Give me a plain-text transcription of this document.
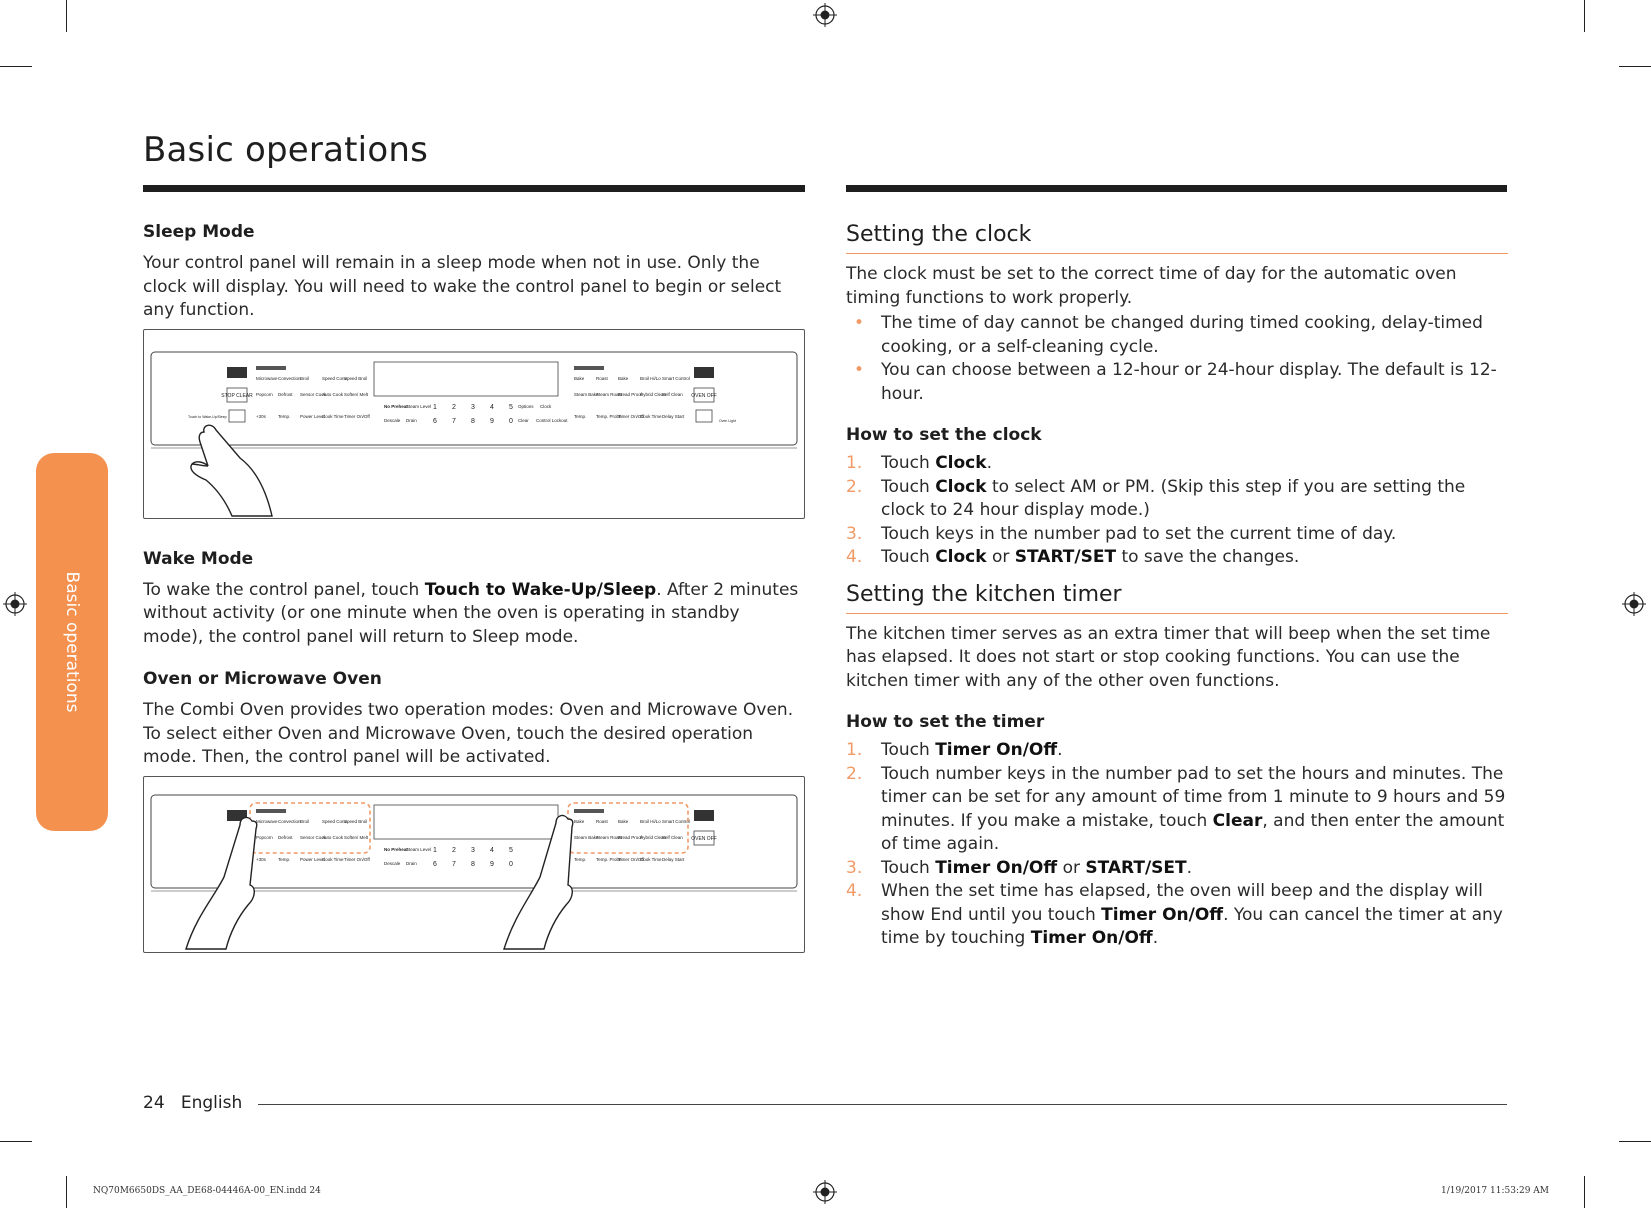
Basic operations
Basic operations
Sleep Mode

Your control panel will remain in a sleep mode when not in use. Only the clock will display. You will need to wake the control panel to begin or select any function.

STOP CLEAR
Microwave Convection Broil	Speed Conv.
Speed Broil
Popcorn Defrost Sensor Cook
Auto Cook Soften/ Melt
+30s	Temp. Power Level
Cook Time Timer On/Off
No Preheat
Steam Level
Descale Drain
Options Clock
Clear Control Lockout
Bake	Roast Bake	Broil Hi/Lo Smart Control
Steam Bake
Steam Roast
Bread Proof
Hybrid Clean
Self Clean
Temp. Temp. Probe
Timer On/Off
Cook Time Delay Start
Touch to Wake-Up/Sleep
Oven Light
1 2 3 4 5
6 7 8 9 0
OVEN OFF
Wake Mode

To wake the control panel, touch Touch to Wake-Up/Sleep. After 2 minutes without activity (or one minute when the oven is operating in standby mode), the control panel will return to Sleep mode.

Oven or Microwave Oven

The Combi Oven provides two operation modes: Oven and Microwave Oven. To select either Oven and Microwave Oven, touch the desired operation mode. Then, the control panel will be activated.

Microwave Convection Broil	Speed Conv.
Speed Broil
Popcorn Defrost Sensor Cook
Auto Cook Soften/ Melt
+30s	Temp. Power Level
Cook Time Timer On/Off
No Preheat
Steam Level
Descale Drain
Bake	Roast Bake	Broil Hi/Lo Smart Control
Steam Bake
Steam Roast
Bread Proof
Hybrid Clean
Self Clean
Temp. Temp. Probe
Timer On/Off
Cook Time Delay Start
1 2 3 4 5
6 7 8 9 0
OVEN OFF
Setting the clock

The clock must be set to the correct time of day for the automatic oven timing functions to work properly.

• The time of day cannot be changed during timed cooking, delay-timed cooking, or a self-cleaning cycle.
• You can choose between a 12-hour or 24-hour display. The default is 12-hour.
How to set the clock
1. Touch Clock.
2. Touch Clock to select AM or PM. (Skip this step if you are setting the clock to 24 hour display mode.)
3. Touch keys in the number pad to set the current time of day.
4. Touch Clock or START/SET to save the changes.
Setting the kitchen timer

The kitchen timer serves as an extra timer that will beep when the set time has elapsed. It does not start or stop cooking functions. You can use the kitchen timer with any of the other oven functions.

How to set the timer
1. Touch Timer On/Off.
2. Touch number keys in the number pad to set the hours and minutes. The timer can be set for any amount of time from 1 minute to 9 hours and 59 minutes. If you make a mistake, touch Clear, and then enter the amount of time again.
3. Touch Timer On/Off or START/SET.
4. When the set time has elapsed, the oven will beep and the display will show End until you touch Timer On/Off. You can cancel the timer at any time by touching Timer On/Off.
24 English
NQ70M6650DS_AA_DE68-04446A-00_EN.indd 24	1/19/2017 11:53:29 AM
